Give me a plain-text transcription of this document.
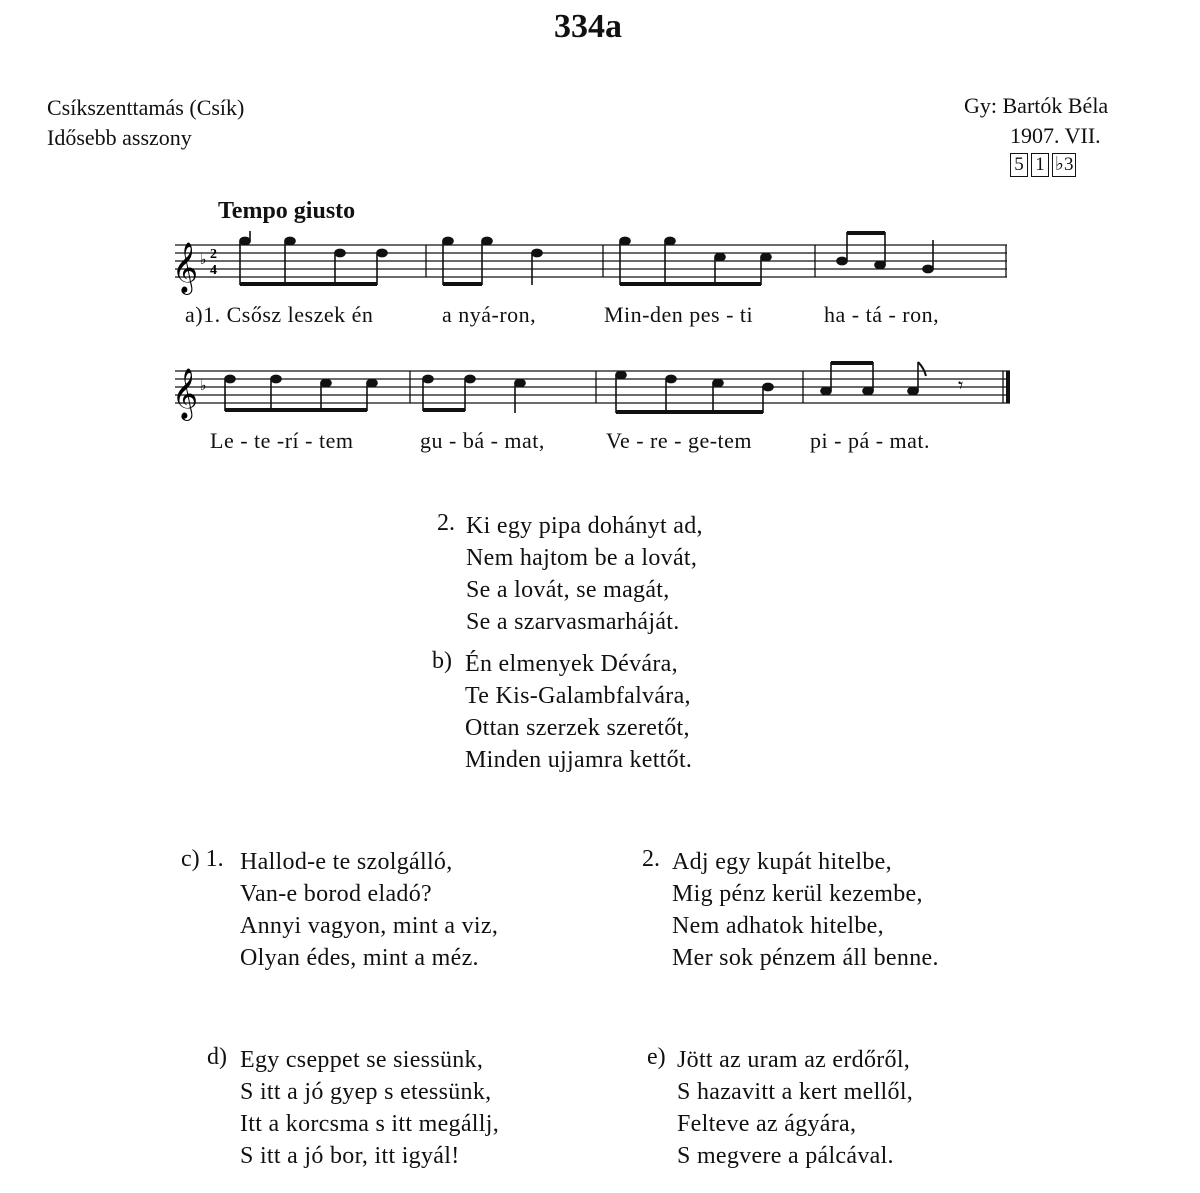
334a
Csíkszenttamás (Csík)
Idősebb asszony
Gy: Bartók Béla
1907. VII.
5 1 ♭3
Tempo giusto
𝄞 ♭ 2
4
𝄞 ♭	𝄾
a)1. Csősz leszek én	a nyá-ron,	Min-den pes - ti	ha - tá - ron,
Le - te -rí - tem	gu - bá - mat,	Ve - re - ge-tem	pi - pá - mat.
2. Ki egy pipa dohányt ad,
Nem hajtom be a lovát,
Se a lovát, se magát,
Se a szarvasmarháját.
b) Én elmenyek Dévára,
Te Kis-Galambfalvára,
Ottan szerzek szeretőt,
Minden ujjamra kettőt.
c) 1. Hallod-e te szolgálló,
Van-e borod eladó?
Annyi vagyon, mint a viz,
Olyan édes, mint a méz.
2. Adj egy kupát hitelbe,
Mig pénz kerül kezembe,
Nem adhatok hitelbe,
Mer sok pénzem áll benne.
d) Egy cseppet se siessünk,
S itt a jó gyep s etessünk,
Itt a korcsma s itt megállj,
S itt a jó bor, itt igyál!
e) Jött az uram az erdőről,
S hazavitt a kert mellől,
Felteve az ágyára,
S megvere a pálcával.
